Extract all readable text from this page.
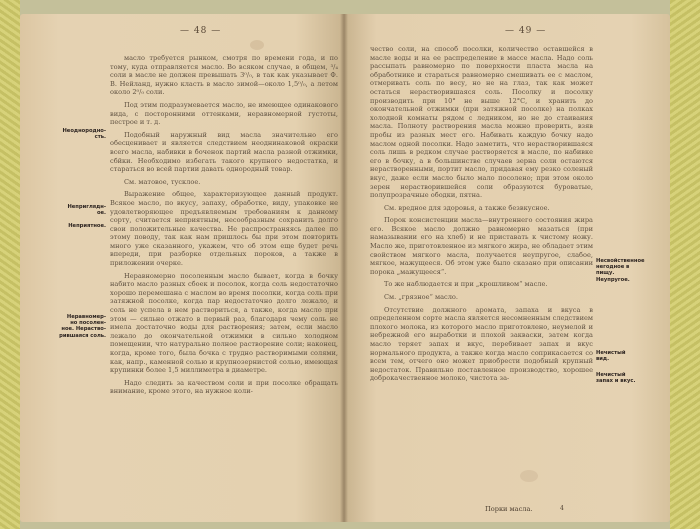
— 48 —	— 49 —

масло требуется рынком, смотря по времени года, и по тому, куда отправляется масло. Во всяком случае, в общем, ³/₄ соли в масле не должен превышать 3⁰/₀, в так как указывает Ф. В. Нейланд, нужно класть в масло зимой—около 1,5⁰/₀, а летом около 2⁰/₀ соли.

Под этим подразумевается масло, не имеющее одинакового вида, с посторонними оттенками, неравномерной густоты, пестрое и т. д.

Подобный наружный вид масла значительно его обесценивает и является следствием неоднинаковой окраски всего масла, набивки в боченок партий масла разной отжимки, сбйки. Необходимо избегать такого крупного недостатка, и стараться во всей партии давать однородный товар.

См. матовое, тусклое.

Выражение общее, характеризующее данный продукт. Всякое масло, по вкусу, запаху, обработке, виду, упаковке не удовлетворяющее предъявляемым требованиям к данному сорту, считается неприятным, несообразным сохранить долго свои положительные качества. Не распространяясь далее по этому поводу, так как нам пришлось бы при этом повторить много уже сказанного, укажем, что об этом еще будет речь впереди, при разборке отдельных пороков, а также в приложении очерке.

Неравномерно посоленным масло бывает, когда в бочку набито масло разных сбоек и посолок, когда соль недостаточно хорошо перемешана с маслом во время посолки, когда соль при затяжной посолке, когда пар недостаточно долго лежало, и соль не успела в нем раствориться, а также, когда масло при этом — сильно отжато в первый раз, благодаря чему соль не имела достаточно воды для растворения; затем, если масло лежало до окончательной отжимки в сильно холодном помещении, что натурально полное растворение соли; наконец, когда, кроме того, была бочка с трудно растворимыми солями, как, напр., каменной солью и крупнозернистой солью, имеющая крупинки более 1,5 миллиметра в диаметре.

Надо следить за качеством соли и при посолке обращать внимание, кроме этого, на нужное коли-

Неоднородно-
сть.
Неприглядн-
ое.
Неприятное.
Неравномер-
но посолен-
ное. Нераство-
рившаяся соль.

чество соли, на способ посолки, количество оставшейся в масле воды и на ее распределение в массе масла. Надо соль рассыпать равномерно по поверхности пласта масла на обработнике и стараться равномерно смешивать ее с маслом, отмеривать соль по весу, но не на глаз, так как может остаться нерастворившаяся соль. Посолку и посолку производить при 10° не выше 12°С, и хранить до окончательной отжимки (при затяжной посолке) на полках холодной комнаты рядом с ледником, но не до стаивания масла. Полноту растворения масла можно проверить, взяв пробы из разных мест его. Набивать каждую бочку надо маслом одной посолки. Надо заметить, что нерастворившаяся соль лишь в редком случае растворяется в масле, по набивке его в бочку, а в большинстве случаев зерна соли остаются нерастворенными, портит масло, придавая ему резко соленый вкус, даже если масло было мало посолено; при этом около зерен нерастворившейся соли образуются буроватые, полупрозрачные ободки, пятна.

См. вредное для здоровья, а также безвкусное.

Порок консистенции масла—внутреннего состояния жира его. Всякое масло должно равномерно мазаться (при намазывании его на хлеб) и не приставать к чистому ножу. Масло же, приготовленное из мягкого жира, не обладает этим свойством мягкого масла, получается неупругое, слабое, мягкое, мажущееся. Об этом уже было сказано при описании порока „мажущееся“.

То же наблюдается и при „крошливом“ масле.

См. „грязное“ масло.

Отсутствие должного аромата, запаха и вкуса в определенном сорте масла является несомненным следствием плохого молока, из которого масло приготовлено, неумелой и небрежной его выработки и плохой закваски, затем когда масло теряет запах и вкус, перебивает запах и вкус нормального продукта, а также когда масло соприкасается со всем тем, отчего оно может приобрести подобный крупный недостаток. Правильно поставленное производство, хорошее доброкачественное молоко, чистота за-

Несвойственное
негодное в
пищу.
Неупругое.
Нечистый
вид.
Нечистый
запах и вкус.
Порки масла.	4
